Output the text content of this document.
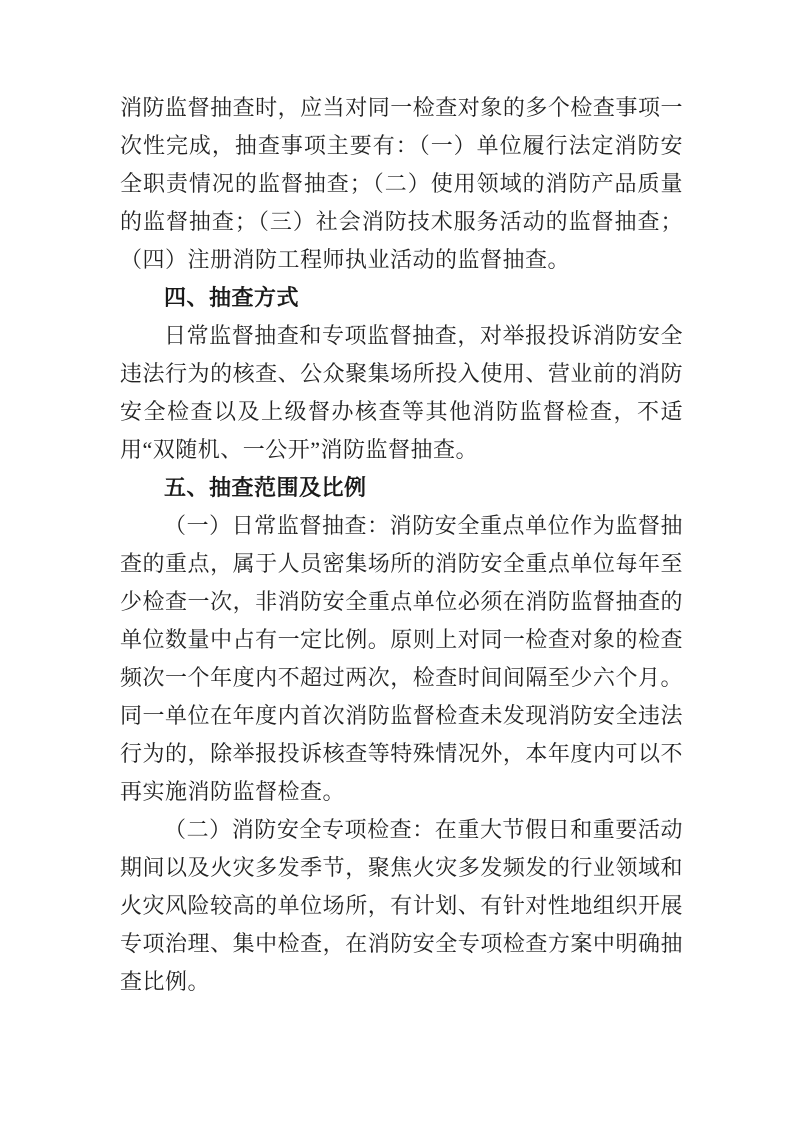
消防监督抽查时，应当对同一检查对象的多个检查事项一次性完成，抽查事项主要有：（一）单位履行法定消防安全职责情况的监督抽查；（二）使用领域的消防产品质量的监督抽查；（三）社会消防技术服务活动的监督抽查；（四）注册消防工程师执业活动的监督抽查。

四、抽查方式

日常监督抽查和专项监督抽查，对举报投诉消防安全违法行为的核查、公众聚集场所投入使用、营业前的消防安全检查以及上级督办核查等其他消防监督检查，不适用“双随机、一公开”消防监督抽查。

五、抽查范围及比例

（一）日常监督抽查：消防安全重点单位作为监督抽查的重点，属于人员密集场所的消防安全重点单位每年至少检查一次，非消防安全重点单位必须在消防监督抽查的单位数量中占有一定比例。原则上对同一检查对象的检查频次一个年度内不超过两次，检查时间间隔至少六个月。同一单位在年度内首次消防监督检查未发现消防安全违法行为的，除举报投诉核查等特殊情况外，本年度内可以不再实施消防监督检查。

（二）消防安全专项检查：在重大节假日和重要活动期间以及火灾多发季节，聚焦火灾多发频发的行业领域和火灾风险较高的单位场所，有计划、有针对性地组织开展专项治理、集中检查，在消防安全专项检查方案中明确抽查比例。
